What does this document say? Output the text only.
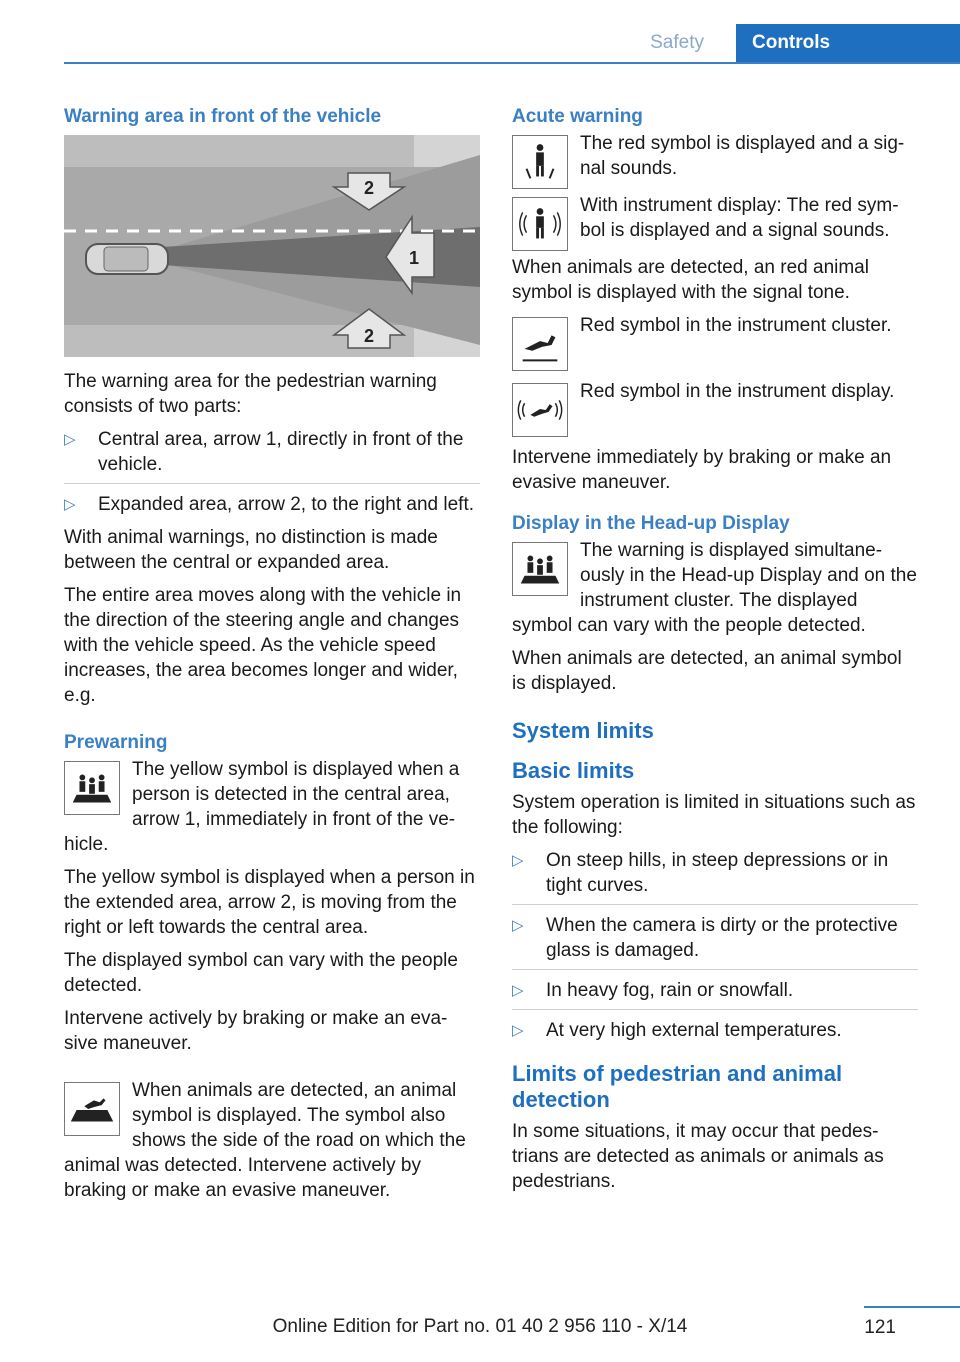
Safety	Controls
Warning area in front of the vehicle
2
1
2

The warning area for the pedestrian warning consists of two parts:

▷ Central area, arrow 1, directly in front of the vehicle.
▷ Expanded area, arrow 2, to the right and left.

With animal warnings, no distinction is made between the central or expanded area.

The entire area moves along with the vehicle in the direction of the steering angle and changes with the vehicle speed. As the vehicle speed increases, the area becomes longer and wider, e.g.

Prewarning

The yellow symbol is displayed when a person is detected in the central area, arrow 1, immediately in front of the ve‐ hicle.

The yellow symbol is displayed when a person in the extended area, arrow 2, is moving from the right or left towards the central area.

The displayed symbol can vary with the people detected.

Intervene actively by braking or make an eva‐ sive maneuver.

When animals are detected, an animal symbol is displayed. The symbol also shows the side of the road on which the animal was detected. Intervene actively by braking or make an evasive maneuver.

Acute warning

The red symbol is displayed and a sig‐ nal sounds.

With instrument display: The red sym‐ bol is displayed and a signal sounds.

When animals are detected, an red animal symbol is displayed with the signal tone.

Red symbol in the instrument cluster.

Red symbol in the instrument display.

Intervene immediately by braking or make an evasive maneuver.

Display in the Head-up Display

The warning is displayed simultane‐ ously in the Head-up Display and on the instrument cluster. The displayed symbol can vary with the people detected.

When animals are detected, an animal symbol is displayed.

System limits
Basic limits

System operation is limited in situations such as the following:

▷ On steep hills, in steep depressions or in tight curves.
▷ When the camera is dirty or the protective glass is damaged.
▷ In heavy fog, rain or snowfall.
▷ At very high external temperatures.
Limits of pedestrian and animal detection

In some situations, it may occur that pedes‐ trians are detected as animals or animals as pedestrians.

121
Online Edition for Part no. 01 40 2 956 110 - X/14
